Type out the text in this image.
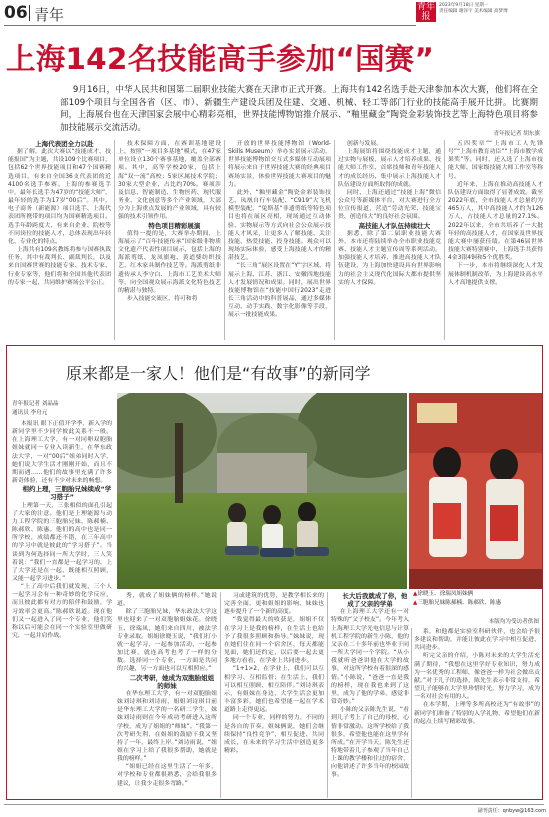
06 青年	青年报
2023年9月18日 星期一
责任编辑 谢泽宇 美术编辑 高梦博
上海142名技能高手参加“国赛”
9月16日，中华人民共和国第二届职业技能大赛在天津市正式开赛。上海共有142名选手赴天津参加本次大赛，他们将在全部109个项目与全国各省（区、市）、新疆生产建设兵团及住建、交通、机械、轻工等部门行业的技能高手展开比拼。比赛期间，上海展台也在天津国家会展中心精彩亮相，世界技能博物馆推介展示、“釉里藏金”陶瓷金彩装饰技艺等上海特色项目将参加技能展示交流活动。
青年报记者 胡东旗

上海代表团全力以赴

据了解，此次大赛以“技能成才、技能报国”为主题，共设109个比赛项目，包括62个世界技能项目和47个国赛精选项目，有来自全国36支代表团的近4100名选手参赛。上海的参赛选手中，最年长选手为47岁的“技能大师”，最年轻的选手为17岁“00后”。其中，电子商务（新能源）项目选手、上海代表团所携带的项目均为国赛精选项目。选手年龄跨度大，有来自企业、院校等不同岗位的技能人才，总体表现出年轻化、专业化的特点。

上海共有109名教练将参与国赛执裁任务，其中有裁判长、副裁判长，以及来自国赛世赛的技能专家、技术专家、行业专家等，他们将和全国其他代表团的专家一起，共同维护赛场公平公正。

技术保障方面，在赛训基地建设上，按照“一项目多基地”模式，在47家单位设立130个赛事基地，覆盖全部赛项。其中，高等学校20家，包括上海“双一流”高校；5家区属技术学院；30家大型企业，占比约70%。赛项涉及信息、智能制造、生物医药、现代服务业、文化创意等多个产业领域，大部分为上海重点发展的产业领域，具有较强的技术引领作用。

特色项目精彩展演

值得一提的是，大赛举办期间，上海展示了“百年技能传承”国家级非物质文化遗产代表性项目展示，包括上海的海派剪纸、龙凤旗袍、黄道婆纺织技艺、红木家具制作技艺等。海派剪纸非遗传承人李守白、上海市工艺美术大师等，向全国观众展示海派文化特色技艺的精湛与独特。

步入技能交流区，将可和将

开放的世界技能博物馆（World-Skills Museum）举办实景展示活动，世界技能博物馆交互式多媒体互动展项将展示来自于世界技能大赛的经典项目赛场实景，体验世界技能大赛项目的魅力。

此外，“釉里藏金”陶瓷金彩装饰技艺、凤凰自行车装配、“C919”大飞机模型装配、“兔斯基”非遗剪纸等特色项目也将在展区亮相，现场通过互动体验、实物展示等方式向社会公众展示技能人才风采，让更多人了解技能、关注技能、热爱技能、投身技能。观众可以现场实际体验，感受上海技能人才的精湛技艺。

“长三角”展区设置在“Y”字区域，将展示上海、江苏、浙江、安徽四地技能人才发展情况和成果。同时，展出世界技能博物馆在“技能中国行2023”走进长三角活动中的科普展品，通过多媒体互动、动手实践、数字化影像等手段，展示一批技能成果。

创新与发展。

上海展馆将围绕技能成才主题，通过实物与展板，展示人才培养成果、技能大师工作室、首席技师和青年技能人才的成长经历，集中展示上海技能人才队伍建设方面所取得的成就。

同时，上海还通过“技能上海”微信公众号等新媒体平台，对大赛进行全方位宣传报道，营造“劳动光荣、技能宝贵、创造伟大”的良好社会氛围。

高技能人才队伍持续壮大

据悉，除了第二届职业技能大赛外，本市还将陆续举办全市职业技能竞赛、技能人才主题宣传周等系列活动，加强技能人才培养，推进高技能人才队伍建设，为上海加快建设具有世界影响力的社会主义现代化国际大都市提供坚实的人才保障。

五四奖章”“上海市工人先锋号”“上海市教育功臣”“上海市教学成果奖”等。同时，还入选了上海市技能大师、国家级技能大师工作室等称号。

近年来，上海在推动高技能人才队伍建设方面取得了显著成效。截至2022年底，全市技能人才总量约为465万人，其中高技能人才约为126万人，占技能人才总量的27.1%。2022年以来，全市共培养了一大批年轻的高技能人才，在国家及世界技能大赛中屡获佳绩。在第46届世界技能大赛特别赛中，上海选手共获得4金3银4铜和5个优胜奖。

下一步，本市将继续深化人才发展体制机制改革，为上海建设高水平人才高地提供支撑。

原来都是一家人！他们是“有故事”的新同学
青年报记者 刘晶晶
通讯员 李舟元

本报讯 眼下正值开学季，新入学的新同学里不少同学彼此关系不一般。在上海理工大学，有一对同卵双胞胎姐妹就同一专业入读新生，在华东政法大学，一对“00后”姐弟同时入学，她们说大学生活才刚刚开始，而且不期而遇……他们的故事里充满了许多新奇体验，还有不少对未来的畅想。

相约上理，三胞胎兄妹续成“学习搭子”

上理第一天，三张相似的面孔引起了大家的注意。他们是上理能源与动力工程学院的三胞胎兄妹，陈郝楠、陈郝欣、陈惠。他们的高中也是同一所学校，成绩都还不错，在三年高中的学习中就是彼此的“学习搭子”。当谈到为何选择同一所大学时，三人笑着说：“我们一直都是一起学习的，上了大学还是在一起，既能相互照顾，又能一起学习进步。”

“上了高中后我们就发现，三个人一起学习会有一种奇妙的化学反应，而且彼此都有对方的陪伴和鼓励，学习效率会更高。”陈郝欣说道。现在他们又一起进入了同一个专业，他们笑称以后可能会在同一个实验室里做研究，一起并肩作战。

▲徐晓玉、徐瑞凤姐妹俩
▲三胞胎兄妹陈郝楠、陈郝欣、陈惠
本版均为受访者供图

秀，就成了姐妹俩的榜样。”她说道。

除了三胞胎兄妹，华东政法大学这里也迎来了一对双胞胎姐妹花。徐晓玉、徐瑞凤，她们来自四川，被法学专业录取。姐姐徐晓玉说，“我们打小就一起学习，一起参加活动，一起参加比赛，就连高考也考了一样的分数。选择同一个专业，一方面是共同的兴趣，另一方面也可以互相照应。”

二次考研，她成为双胞胎姐姐的师妹

在华东理工大学，有一对双胞胎姐妹刘诗琪和刘诗雨，姐姐刘诗琪目前是华东理工大学的一名研二学生，妹妹刘诗雨则在今年成功考研进入这所学校，成为了姐姐的“师妹”。“我第一次考研失利，在姐姐的鼓励下我又坚持了一年，最终上岸。”刘诗雨说，“姐姐在学习上给了我很多帮助，她就是我的榜样。”

“姐姐已经在这里生活了一年多，对学校和专业都很熟悉，会给我很多建议，让我少走很多弯路。”

习或建筑的优势，是教学相长来的完善全面，更和姐姐的影响，妹妹也逐步提升了一个新的高度。

“我觉得最大的收获是，姐姐不仅在学习上是我的榜样，在生活上也给予了我很多照顾和指导。”妹妹说，现在她们住在同一个宿舍区，每天都能见面，她们还约定，以后要一起去更多地方看看，在学业上共同进步。

“1+1>2，在学业上，我们可以互相学习、互相监督；在生活上，我们可以相互照顾、相互陪伴。”刘诗琪表示，有姐妹在身边，大学生活会更加丰富多彩，她们也希望能一起在学术道路上走得更远。

同一个专业，同样的努力，不同的是各自的节奏。姐妹俩说，她们会继续保持“良性竞争”，相互促进、共同成长，在未来的学习生活中创造更多精彩。

长大后我就成了你，他成了父亲的学弟

在上海理工大学还有一对特殊的“父子校友”。今年考入上海理工大学光电信息与计算机工程学院的新生小陈，他的父亲在二十多年前也毕业于同一所大学同一个学院。“从小我就听爸爸讲他在大学的故事，对这所学校有着很深的感情。”小陈说，“爸爸一直是我的榜样，现在我也来到了这里，成为了他的学弟，感觉非常奇妙。”

小陈的父亲陈先生说，“看到儿子考上了自己的母校，心情非常激动。这所学校给了我很多，希望他也能在这里学有所成。”在开学当天，陈先生还特地带着儿子参观了当年自己上课的教学楼和住过的宿舍，向他讲述了许多当年的校园故事。

系，和他都是实验室科研伙伴，也会给予很多建议和帮助，并能让彼此在学习中相互促进、共同进步。

听完父亲的介绍，小陈对未来的大学生活充满了期待，“我想在这里学好专业知识，努力成为一名优秀的工程师，像爸爸一样为社会做出贡献。”对于儿子的选择，陈先生表示非常支持，希望儿子能够在大学里珍惜时光，努力学习，成为一名对社会有用的人。

在本学期，上理等多所高校还为“有故事”的新同学们准备了特别的入学礼物，希望他们在新的起点上续写精彩故事。

副刊责任：qnbyw@163.com
